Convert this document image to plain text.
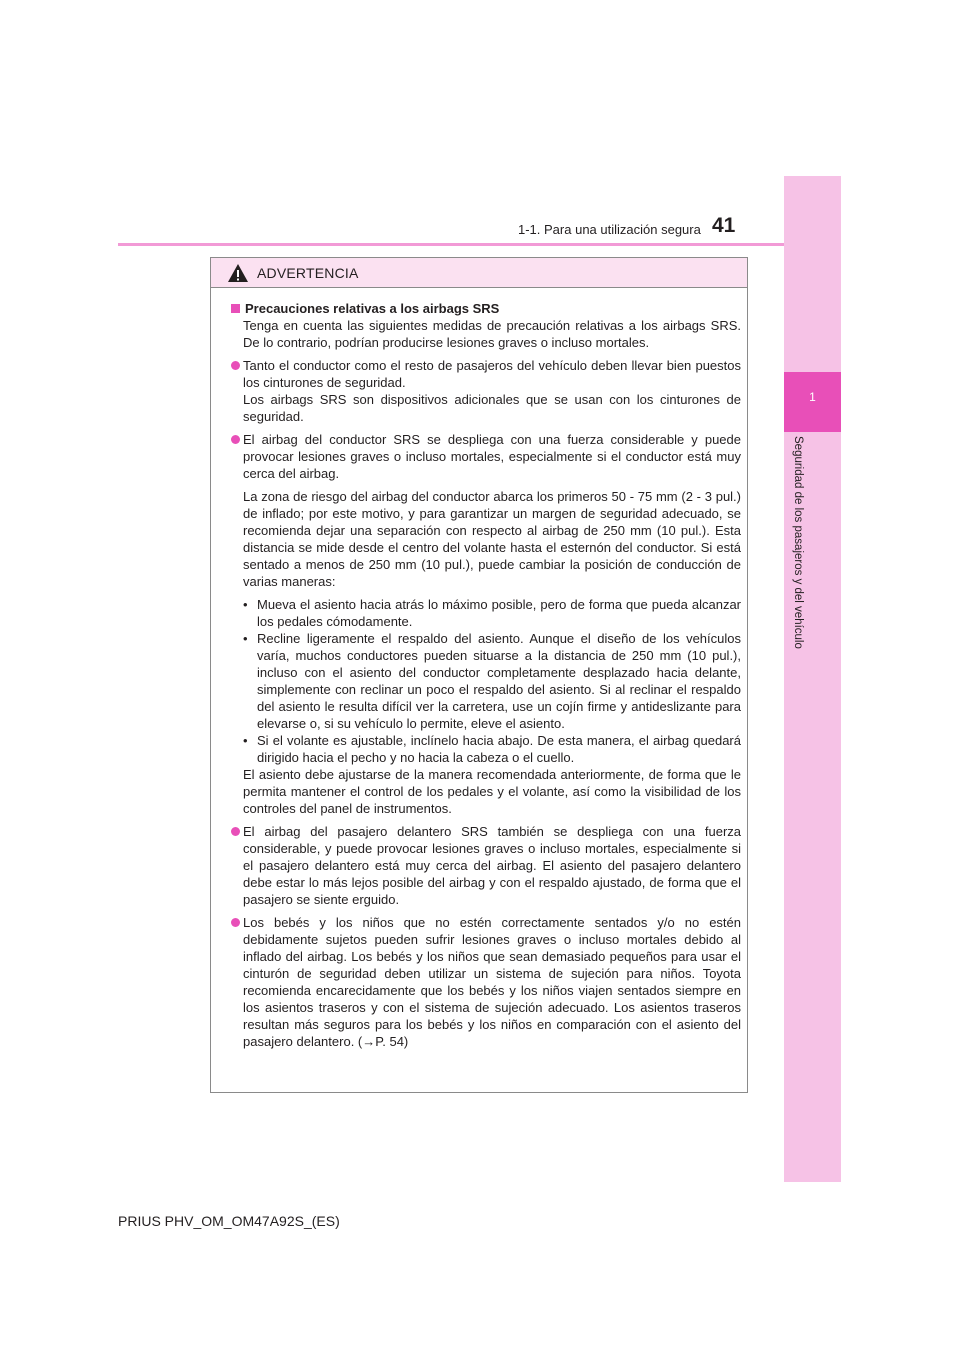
1
Seguridad de los pasajeros y del vehículo
1-1. Para una utilización segura 41
ADVERTENCIA
Precauciones relativas a los airbags SRS

Tenga en cuenta las siguientes medidas de precaución relativas a los airbags SRS. De lo contrario, podrían producirse lesiones graves o incluso mortales.

Tanto el conductor como el resto de pasajeros del vehículo deben llevar bien puestos los cinturones de seguridad.
Los airbags SRS son dispositivos adicionales que se usan con los cinturones de seguridad.
El airbag del conductor SRS se despliega con una fuerza considerable y puede provocar lesiones graves o incluso mortales, especialmente si el conductor está muy cerca del airbag.
La zona de riesgo del airbag del conductor abarca los primeros 50 - 75 mm (2 - 3 pul.) de inflado; por este motivo, y para garantizar un margen de seguridad adecuado, se recomienda dejar una separación con respecto al airbag de 250 mm (10 pul.). Esta distancia se mide desde el centro del volante hasta el esternón del conductor. Si está sentado a menos de 250 mm (10 pul.), puede cambiar la posición de conducción de varias maneras:
• Mueva el asiento hacia atrás lo máximo posible, pero de forma que pueda alcanzar los pedales cómodamente.
• Recline ligeramente el respaldo del asiento. Aunque el diseño de los vehículos varía, muchos conductores pueden situarse a la distancia de 250 mm (10 pul.), incluso con el asiento del conductor completamente desplazado hacia delante, simplemente con reclinar un poco el respaldo del asiento. Si al reclinar el respaldo del asiento le resulta difícil ver la carretera, use un cojín firme y antideslizante para elevarse o, si su vehículo lo permite, eleve el asiento.
• Si el volante es ajustable, inclínelo hacia abajo. De esta manera, el airbag quedará dirigido hacia el pecho y no hacia la cabeza o el cuello.
El asiento debe ajustarse de la manera recomendada anteriormente, de forma que le permita mantener el control de los pedales y el volante, así como la visibilidad de los controles del panel de instrumentos.
El airbag del pasajero delantero SRS también se despliega con una fuerza considerable, y puede provocar lesiones graves o incluso mortales, especialmente si el pasajero delantero está muy cerca del airbag. El asiento del pasajero delantero debe estar lo más lejos posible del airbag y con el respaldo ajustado, de forma que el pasajero se siente erguido.
Los bebés y los niños que no estén correctamente sentados y/o no estén debidamente sujetos pueden sufrir lesiones graves o incluso mortales debido al inflado del airbag. Los bebés y los niños que sean demasiado pequeños para usar el cinturón de seguridad deben utilizar un sistema de sujeción para niños. Toyota recomienda encarecidamente que los bebés y los niños viajen sentados siempre en los asientos traseros y con el sistema de sujeción adecuado. Los asientos traseros resultan más seguros para los bebés y los niños en comparación con el asiento del pasajero delantero. (→P. 54)
PRIUS PHV_OM_OM47A92S_(ES)
